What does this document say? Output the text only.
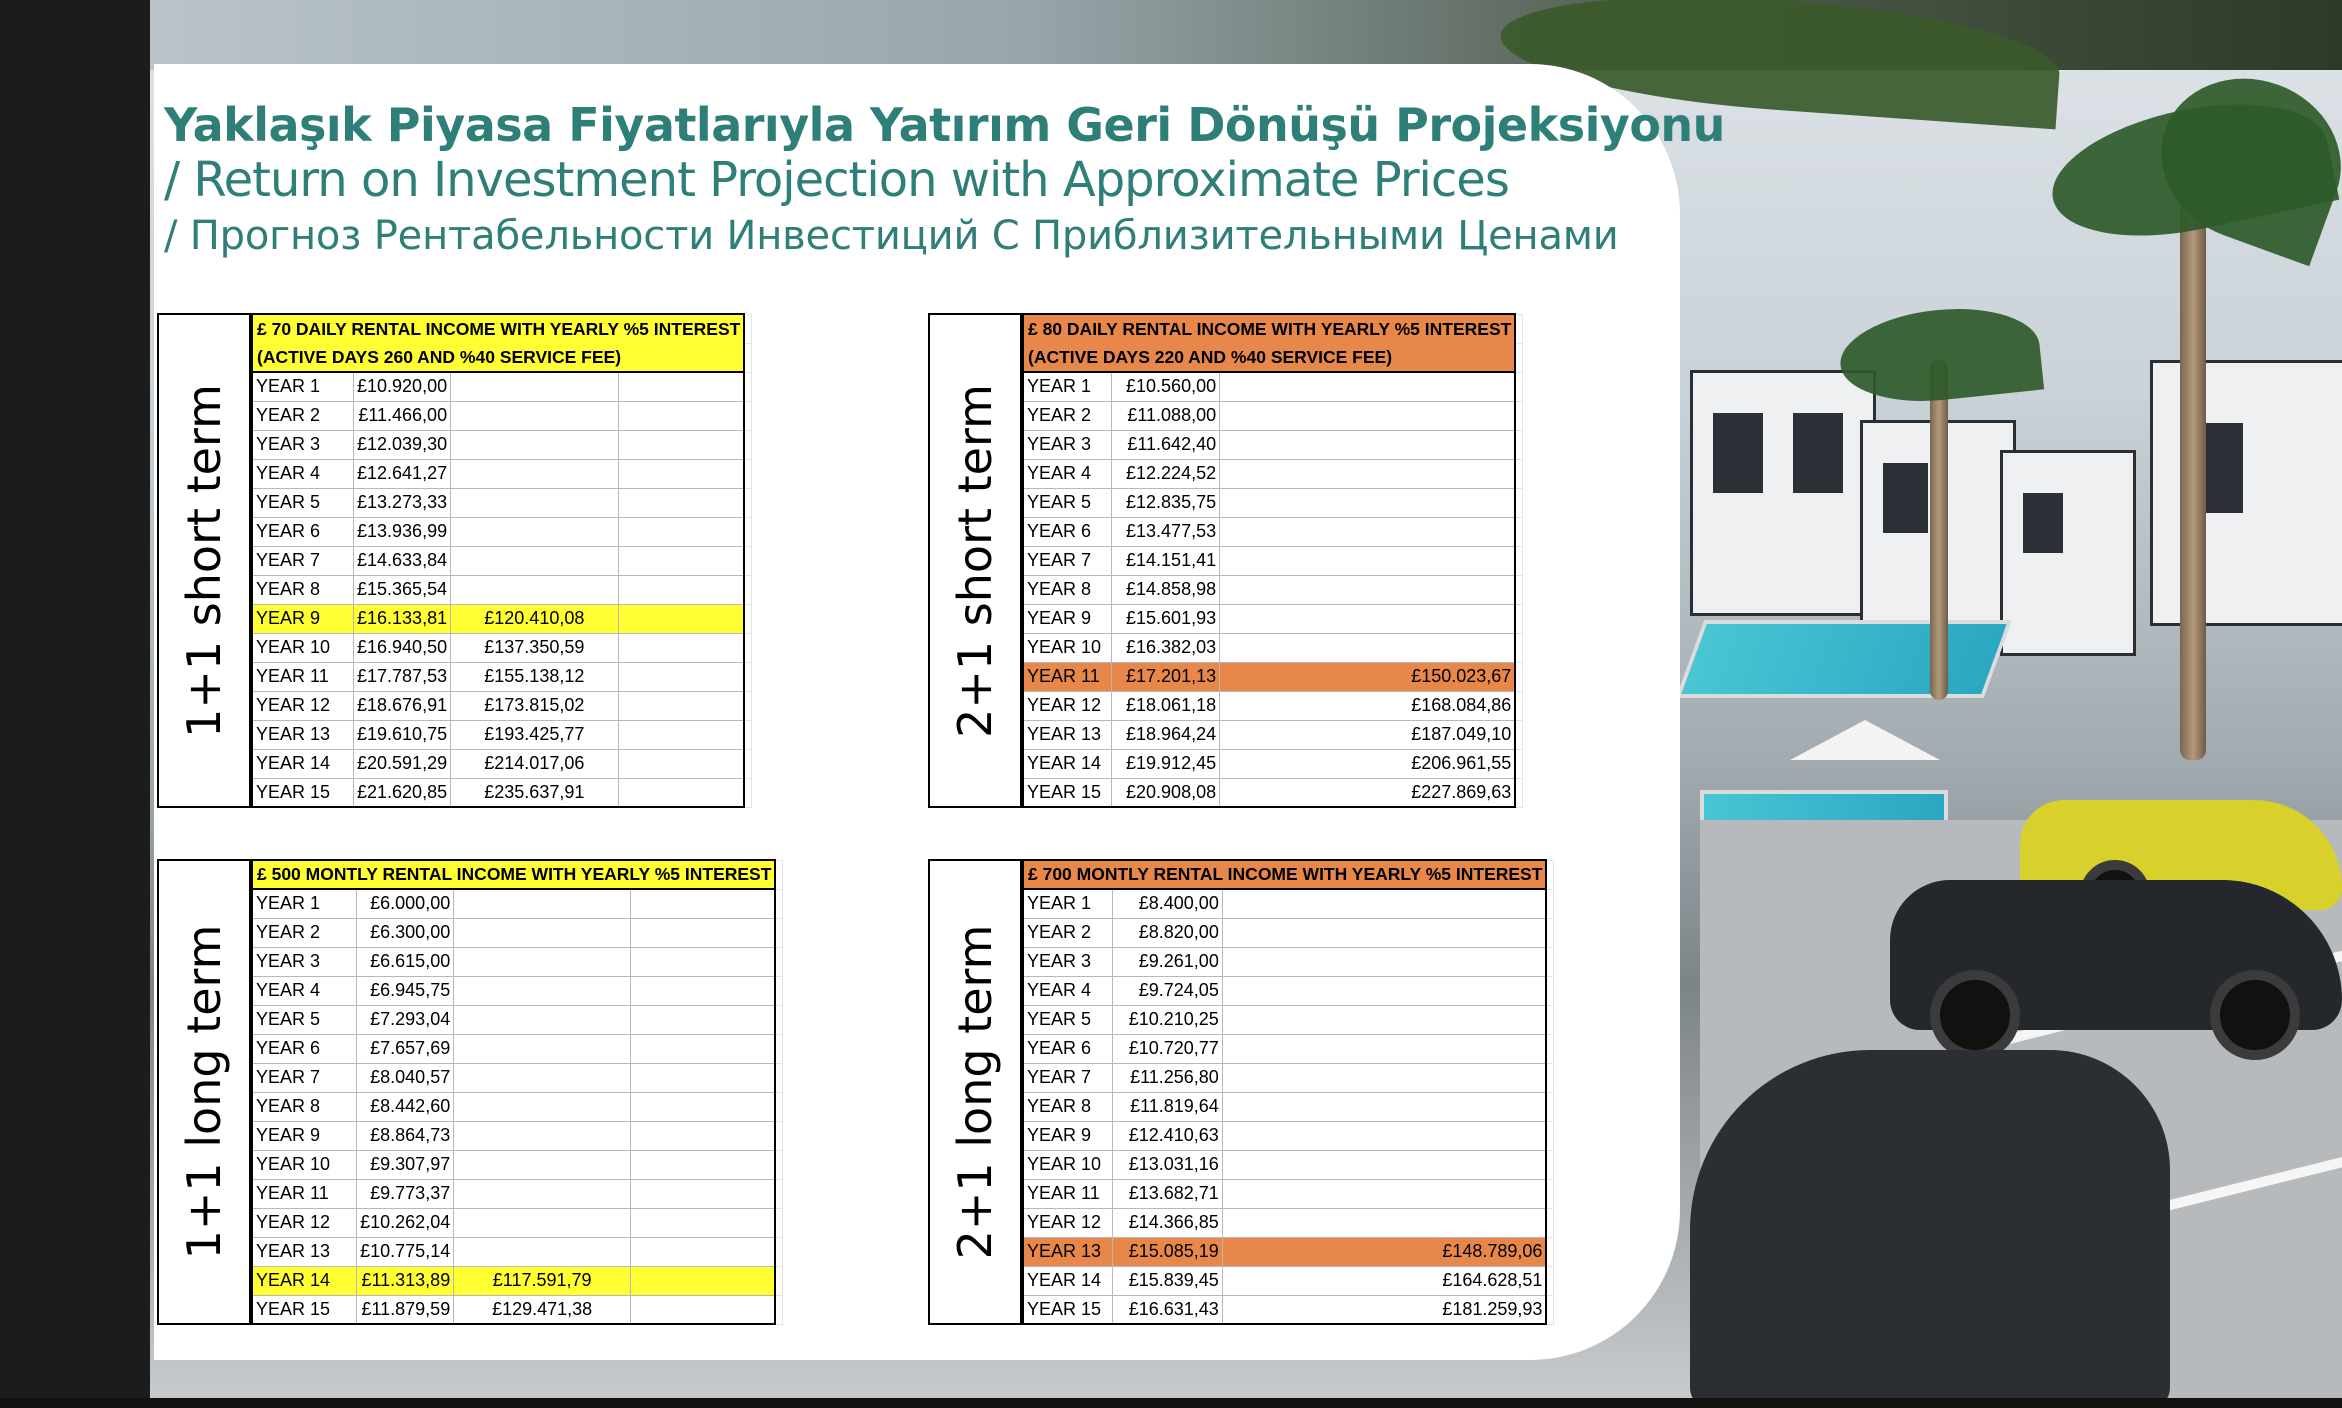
Yaklaşık Piyasa Fiyatlarıyla Yatırım Geri Dönüşü Projeksiyonu
/ Return on Investment Projection with Approximate Prices
/ Прогноз Рентабельности Инвестиций С Приблизительными Ценами
1+1 short term
£ 70 DAILY RENTAL INCOME WITH YEARLY %5 INTEREST				
(ACTIVE DAYS 260 AND %40 SERVICE FEE)				
YEAR 1	£10.920,00			
YEAR 2	£11.466,00			
YEAR 3	£12.039,30			
YEAR 4	£12.641,27			
YEAR 5	£13.273,33			
YEAR 6	£13.936,99			
YEAR 7	£14.633,84			
YEAR 8	£15.365,54			
YEAR 9	£16.133,81	£120.410,08		
YEAR 10	£16.940,50	£137.350,59		
YEAR 11	£17.787,53	£155.138,12		
YEAR 12	£18.676,91	£173.815,02		
YEAR 13	£19.610,75	£193.425,77		
YEAR 14	£20.591,29	£214.017,06		
YEAR 15	£21.620,85	£235.637,91		
2+1 short term
£ 80 DAILY RENTAL INCOME WITH YEARLY %5 INTEREST			
(ACTIVE DAYS 220 AND %40 SERVICE FEE)			
YEAR 1	£10.560,00		
YEAR 2	£11.088,00		
YEAR 3	£11.642,40		
YEAR 4	£12.224,52		
YEAR 5	£12.835,75		
YEAR 6	£13.477,53		
YEAR 7	£14.151,41		
YEAR 8	£14.858,98		
YEAR 9	£15.601,93		
YEAR 10	£16.382,03		
YEAR 11	£17.201,13	£150.023,67	
YEAR 12	£18.061,18	£168.084,86	
YEAR 13	£18.964,24	£187.049,10	
YEAR 14	£19.912,45	£206.961,55	
YEAR 15	£20.908,08	£227.869,63	
1+1 long term
£ 500 MONTLY RENTAL INCOME WITH YEARLY %5 INTEREST				
YEAR 1	£6.000,00			
YEAR 2	£6.300,00			
YEAR 3	£6.615,00			
YEAR 4	£6.945,75			
YEAR 5	£7.293,04			
YEAR 6	£7.657,69			
YEAR 7	£8.040,57			
YEAR 8	£8.442,60			
YEAR 9	£8.864,73			
YEAR 10	£9.307,97			
YEAR 11	£9.773,37			
YEAR 12	£10.262,04			
YEAR 13	£10.775,14			
YEAR 14	£11.313,89	£117.591,79		
YEAR 15	£11.879,59	£129.471,38		
2+1 long term
£ 700 MONTLY RENTAL INCOME WITH YEARLY %5 INTEREST			
YEAR 1	£8.400,00		
YEAR 2	£8.820,00		
YEAR 3	£9.261,00		
YEAR 4	£9.724,05		
YEAR 5	£10.210,25		
YEAR 6	£10.720,77		
YEAR 7	£11.256,80		
YEAR 8	£11.819,64		
YEAR 9	£12.410,63		
YEAR 10	£13.031,16		
YEAR 11	£13.682,71		
YEAR 12	£14.366,85		
YEAR 13	£15.085,19	£148.789,06	
YEAR 14	£15.839,45	£164.628,51	
YEAR 15	£16.631,43	£181.259,93	
